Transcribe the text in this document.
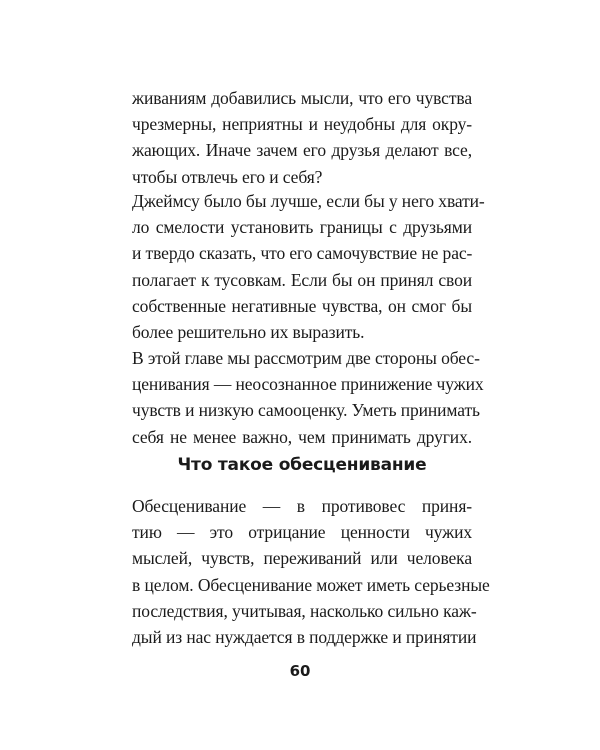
живаниям добавились мысли, что его чувства
чрезмерны, неприятны и неудобны для окру-
жающих. Иначе зачем его друзья делают все,
чтобы отвлечь его и себя?
Джеймсу было бы лучше, если бы у него хвати-
ло смелости установить границы с друзьями
и твердо сказать, что его самочувствие не рас-
полагает к тусовкам. Если бы он принял свои
собственные негативные чувства, он смог бы
более решительно их выразить.
В этой главе мы рассмотрим две стороны обес-
ценивания — неосознанное принижение чужих
чувств и низкую самооценку. Уметь принимать
себя не менее важно, чем принимать других.
Что такое обесценивание
Обесценивание — в противовес приня-
тию — это отрицание ценности чужих
мыслей, чувств, переживаний или человека
в целом. Обесценивание может иметь серьезные
последствия, учитывая, насколько сильно каж-
дый из нас нуждается в поддержке и принятии
60
